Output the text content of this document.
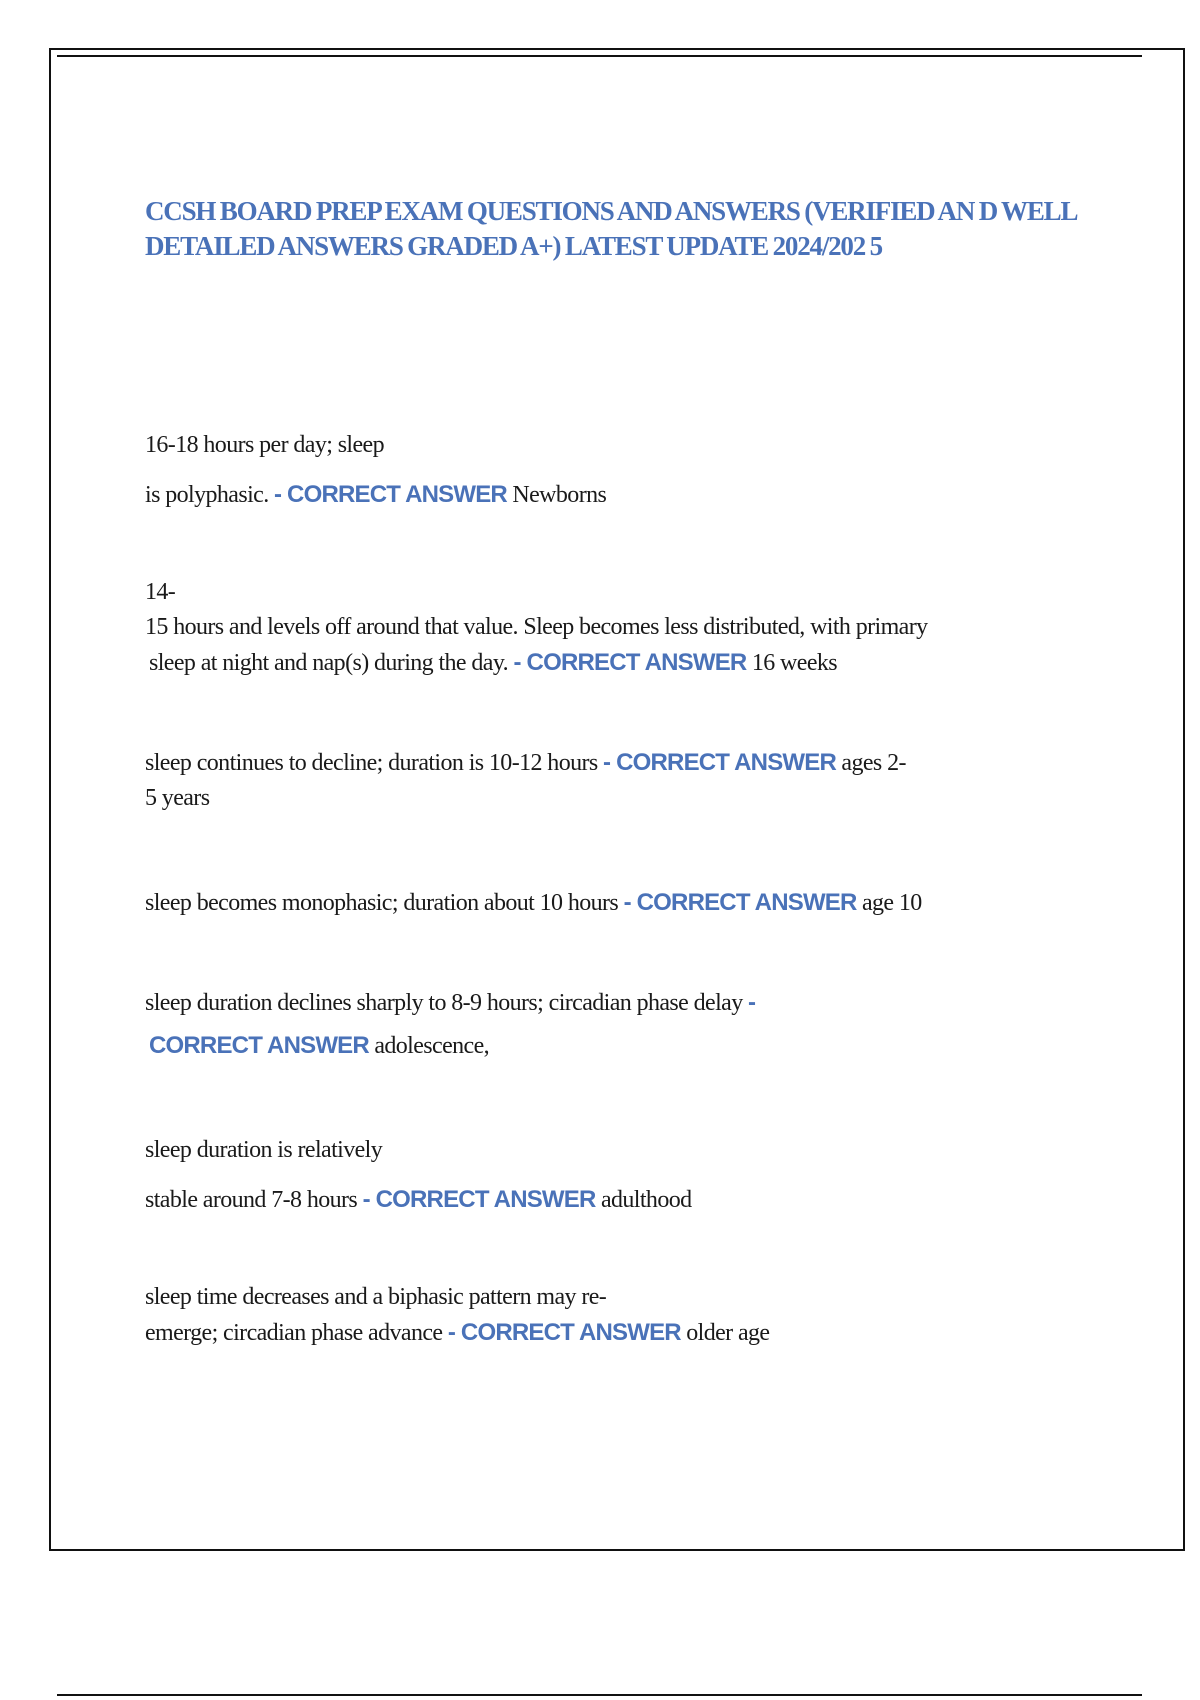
CCSH BOARD PREP EXAM QUESTIONS AND ANSWERS (VERIFIED AN D WELL DETAILED ANSWERS GRADED A+) LATEST UPDATE 2024/202 5
16-18 hours per day; sleep
is polyphasic. - CORRECT ANSWER Newborns
14-
15 hours and levels off around that value. Sleep becomes less distributed, with primary
sleep at night and nap(s) during the day. - CORRECT ANSWER 16 weeks
sleep continues to decline; duration is 10-12 hours - CORRECT ANSWER ages 2-
5 years
sleep becomes monophasic; duration about 10 hours - CORRECT ANSWER age 10
sleep duration declines sharply to 8-9 hours; circadian phase delay -
CORRECT ANSWER adolescence,
sleep duration is relatively
stable around 7-8 hours - CORRECT ANSWER adulthood
sleep time decreases and a biphasic pattern may re-
emerge; circadian phase advance - CORRECT ANSWER older age
